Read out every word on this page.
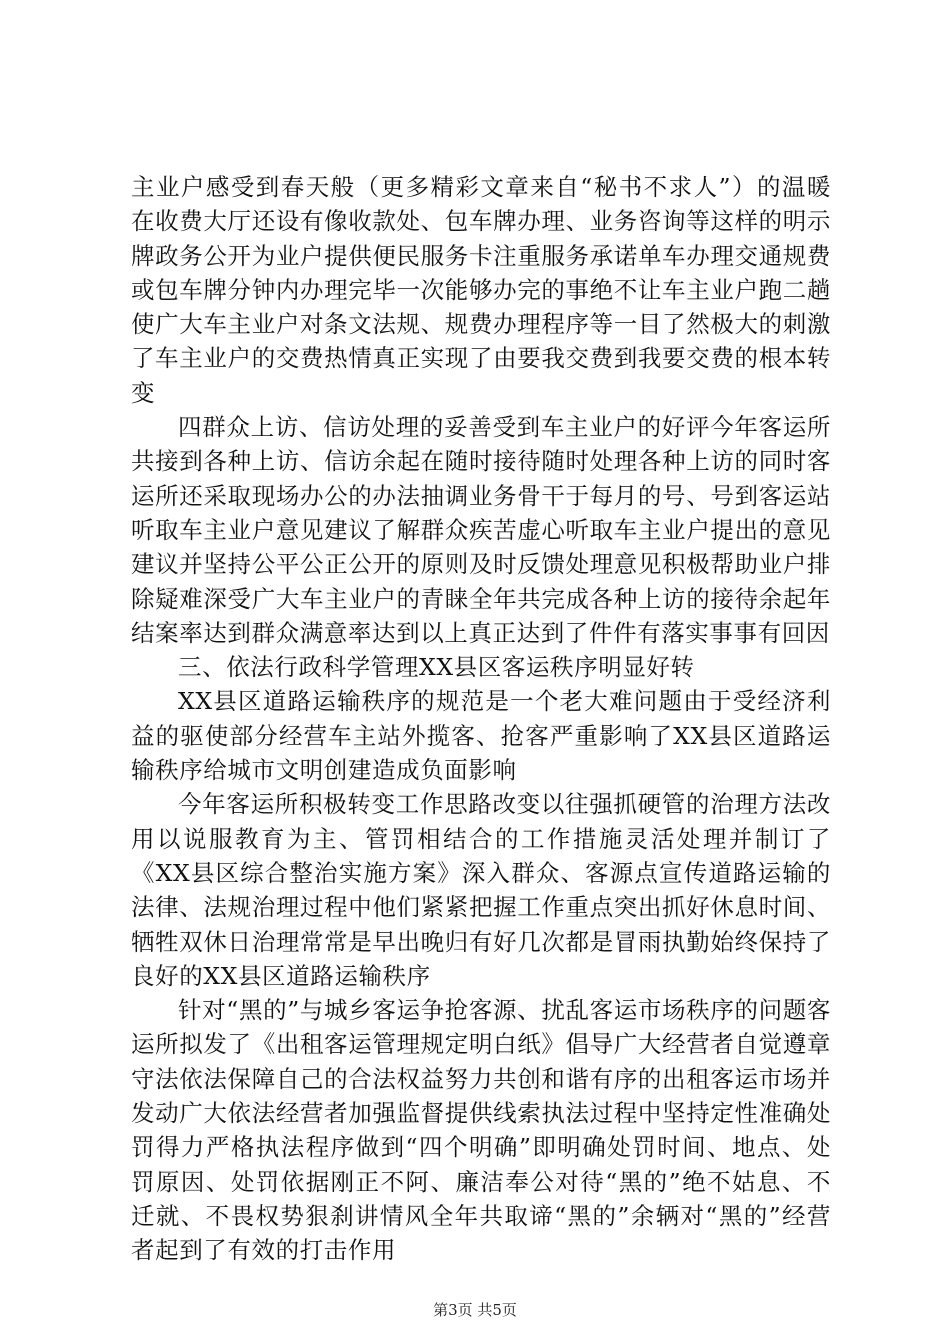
主业户感受到春天般（更多精彩文章来自“秘书不求人”）的温暖在收费大厅还设有像收款处、包车牌办理、业务咨询等这样的明示牌政务公开为业户提供便民服务卡注重服务承诺单车办理交通规费或包车牌分钟内办理完毕一次能够办完的事绝不让车主业户跑二趟使广大车主业户对条文法规、规费办理程序等一目了然极大的刺激了车主业户的交费热情真正实现了由要我交费到我要交费的根本转变

四群众上访、信访处理的妥善受到车主业户的好评今年客运所共接到各种上访、信访余起在随时接待随时处理各种上访的同时客运所还采取现场办公的办法抽调业务骨干于每月的号、号到客运站听取车主业户意见建议了解群众疾苦虚心听取车主业户提出的意见建议并坚持公平公正公开的原则及时反馈处理意见积极帮助业户排除疑难深受广大车主业户的青睐全年共完成各种上访的接待余起年结案率达到群众满意率达到以上真正达到了件件有落实事事有回因

三、依法行政科学管理XX县区客运秩序明显好转

XX县区道路运输秩序的规范是一个老大难问题由于受经济利益的驱使部分经营车主站外揽客、抢客严重影响了XX县区道路运输秩序给城市文明创建造成负面影响

今年客运所积极转变工作思路改变以往强抓硬管的治理方法改用以说服教育为主、管罚相结合的工作措施灵活处理并制订了《XX县区综合整治实施方案》深入群众、客源点宣传道路运输的法律、法规治理过程中他们紧紧把握工作重点突出抓好休息时间、牺牲双休日治理常常是早出晚归有好几次都是冒雨执勤始终保持了良好的XX县区道路运输秩序

针对“黑的”与城乡客运争抢客源、扰乱客运市场秩序的问题客运所拟发了《出租客运管理规定明白纸》倡导广大经营者自觉遵章守法依法保障自己的合法权益努力共创和谐有序的出租客运市场并发动广大依法经营者加强监督提供线索执法过程中坚持定性准确处罚得力严格执法程序做到“四个明确”即明确处罚时间、地点、处罚原因、处罚依据刚正不阿、廉洁奉公对待“黑的”绝不姑息、不迁就、不畏权势狠刹讲情风全年共取谛“黑的”余辆对“黑的”经营者起到了有效的打击作用

第3页 共5页
